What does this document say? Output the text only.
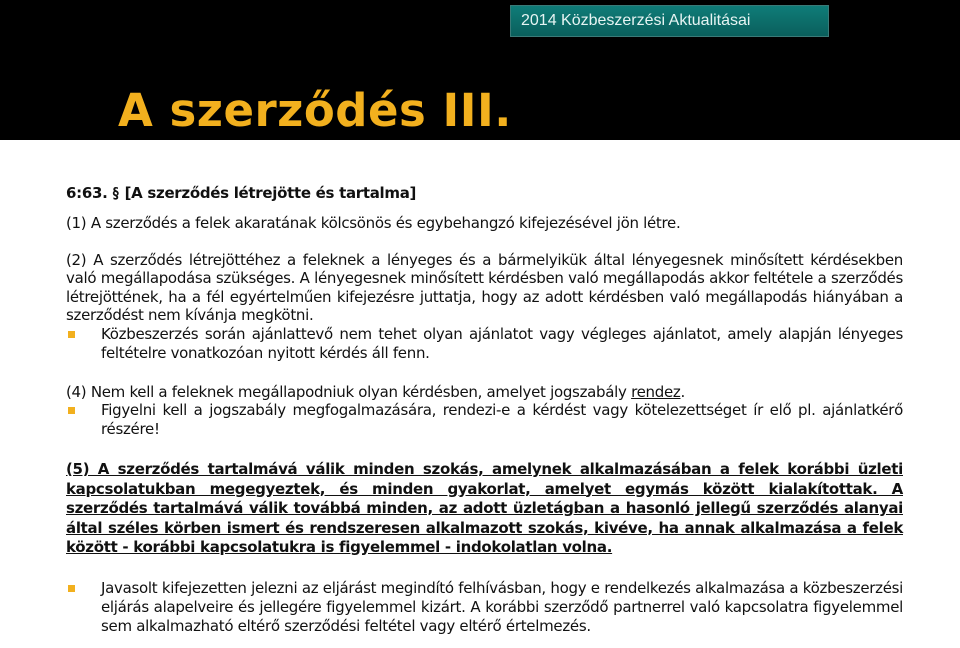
2014 Közbeszerzési Aktualitásai
A szerződés III.

6:63. § [A szerződés létrejötte és tartalma]

(1) A szerződés a felek akaratának kölcsönös és egybehangzó kifejezésével jön létre.

(2) A szerződés létrejöttéhez a feleknek a lényeges és a bármelyikük által lényegesnek minősített kérdésekben való megállapodása szükséges. A lényegesnek minősített kérdésben való megállapodás akkor feltétele a szerződés létrejöttének, ha a fél egyértelműen kifejezésre juttatja, hogy az adott kérdésben való megállapodás hiányában a szerződést nem kívánja megkötni.

Közbeszerzés során ajánlattevő nem tehet olyan ajánlatot vagy végleges ajánlatot, amely alapján lényeges feltételre vonatkozóan nyitott kérdés áll fenn.

(4) Nem kell a feleknek megállapodniuk olyan kérdésben, amelyet jogszabály rendez.

Figyelni kell a jogszabály megfogalmazására, rendezi-e a kérdést vagy kötelezettséget ír elő pl. ajánlatkérő részére!

(5) A szerződés tartalmává válik minden szokás, amelynek alkalmazásában a felek korábbi üzleti kapcsolatukban megegyeztek, és minden gyakorlat, amelyet egymás között kialakítottak. A szerződés tartalmává válik továbbá minden, az adott üzletágban a hasonló jellegű szerződés alanyai által széles körben ismert és rendszeresen alkalmazott szokás, kivéve, ha annak alkalmazása a felek között - korábbi kapcsolatukra is figyelemmel - indokolatlan volna.

Javasolt kifejezetten jelezni az eljárást megindító felhívásban, hogy e rendelkezés alkalmazása a közbeszerzési eljárás alapelveire és jellegére figyelemmel kizárt. A korábbi szerződő partnerrel való kapcsolatra figyelemmel sem alkalmazható eltérő szerződési feltétel vagy eltérő értelmezés.
